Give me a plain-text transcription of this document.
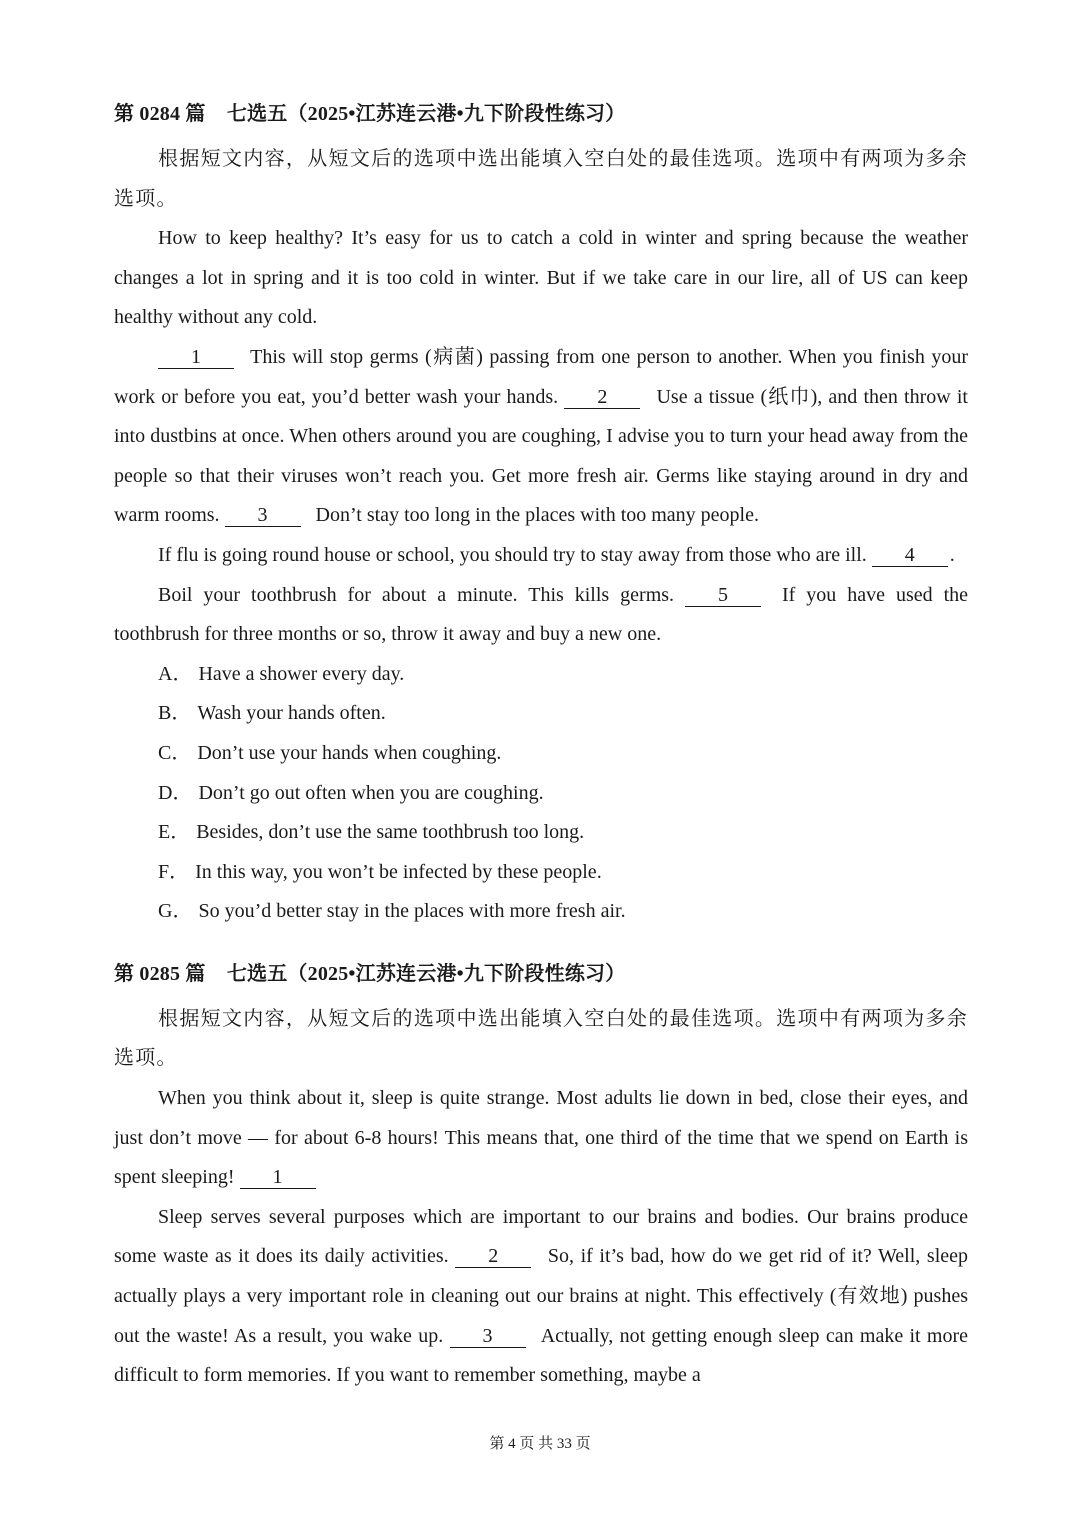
第 0284 篇 七选五（2025•江苏连云港•九下阶段性练习）

根据短文内容，从短文后的选项中选出能填入空白处的最佳选项。选项中有两项为多余选项。

How to keep healthy? It’s easy for us to catch a cold in winter and spring because the weather changes a lot in spring and it is too cold in winter. But if we take care in our lire, all of US can keep healthy without any cold.

1 This will stop germs (病菌) passing from one person to another. When you finish your work or before you eat, you’d better wash your hands. 2 Use a tissue (纸巾), and then throw it into dustbins at once. When others around you are coughing, I advise you to turn your head away from the people so that their viruses won’t reach you. Get more fresh air. Germs like staying around in dry and warm rooms. 3 Don’t stay too long in the places with too many people.

If flu is going round house or school, you should try to stay away from those who are ill. 4 .

Boil your toothbrush for about a minute. This kills germs. 5	If you have used the toothbrush for three months or so, throw it away and buy a new one.

A． Have a shower every day.
B． Wash your hands often.
C． Don’t use your hands when coughing.
D． Don’t go out often when you are coughing.
E． Besides, don’t use the same toothbrush too long.
F． In this way, you won’t be infected by these people.
G． So you’d better stay in the places with more fresh air.
第 0285 篇 七选五（2025•江苏连云港•九下阶段性练习）

根据短文内容，从短文后的选项中选出能填入空白处的最佳选项。选项中有两项为多余选项。

When you think about it, sleep is quite strange. Most adults lie down in bed, close their eyes, and just don’t move — for about 6-8 hours! This means that, one third of the time that we spend on Earth is spent sleeping! 1

Sleep serves several purposes which are important to our brains and bodies. Our brains produce some waste as it does its daily activities. 2 So, if it’s bad, how do we get rid of it? Well, sleep actually plays a very important role in cleaning out our brains at night. This effectively (有效地) pushes out the waste! As a result, you wake up. 3 Actually, not getting enough sleep can make it more difficult to form memories. If you want to remember something, maybe a

第 4 页 共 33 页
